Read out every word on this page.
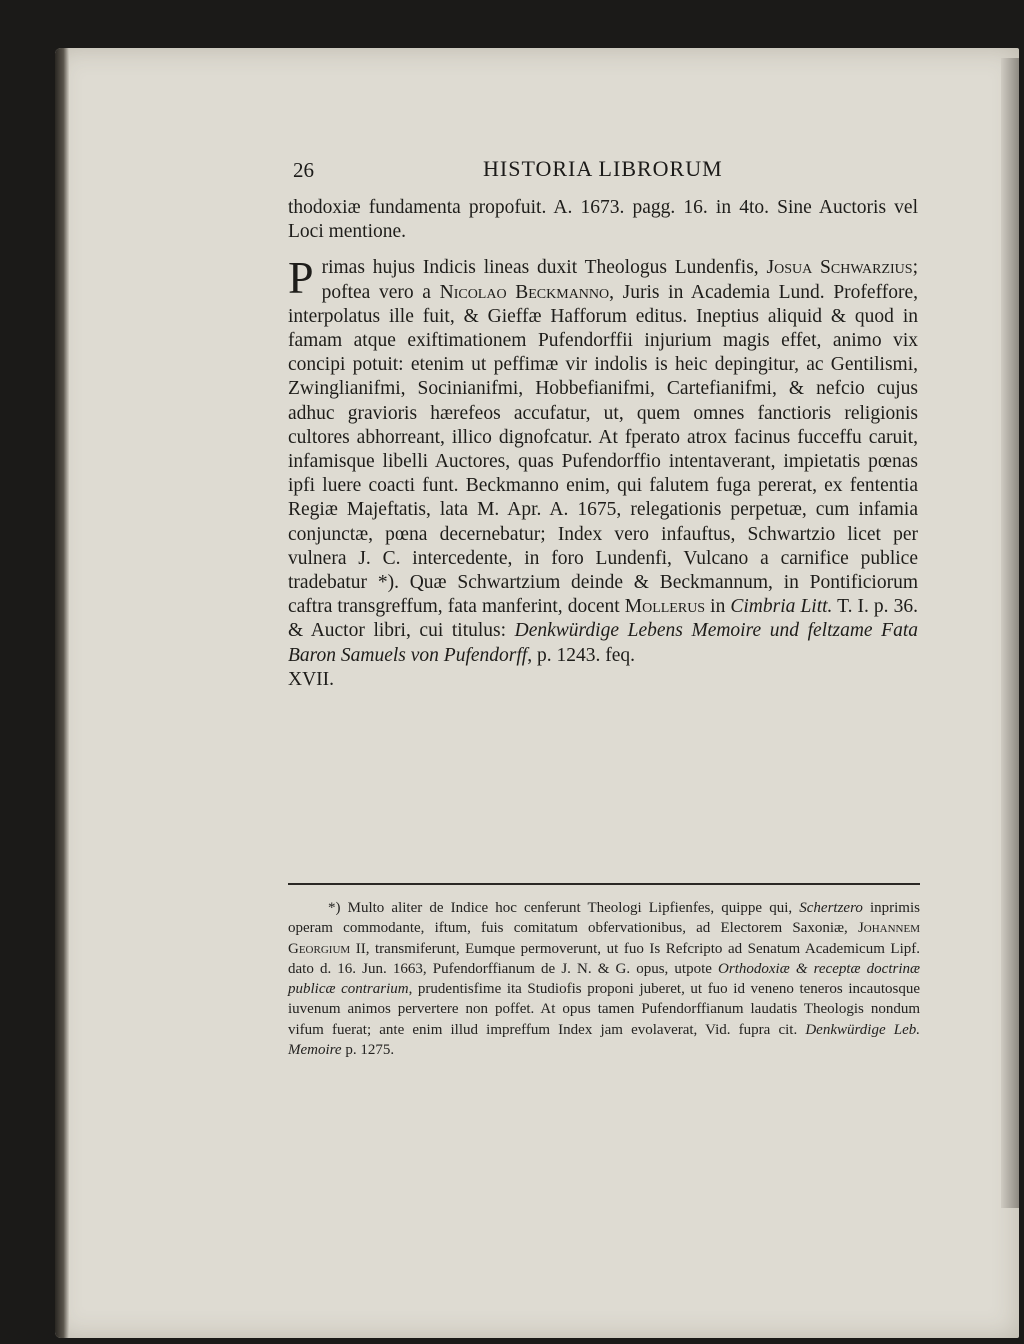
26	HISTORIA LIBRORUM

thodoxiæ fundamenta propofuit. A. 1673. pagg. 16. in 4to. Sine Auctoris vel Loci mentione.

P rimas hujus Indicis lineas duxit Theologus Lundenfis, Josua Schwarzius; poftea vero a Nicolao Beckmanno, Juris in Academia Lund. Profeffore, interpolatus ille fuit, & Gieffæ Hafforum editus. Ineptius aliquid & quod in famam atque exiftimationem Pufendorffii injurium magis effet, animo vix concipi potuit: etenim ut peffimæ vir indolis is heic depingitur, ac Gentilismi, Zwinglianifmi, Socinianifmi, Hobbefianifmi, Cartefianifmi, & nefcio cujus adhuc gravioris hærefeos accufatur, ut, quem omnes fanctioris religionis cultores abhorreant, illico dignofcatur. At fperato atrox facinus fucceffu caruit, infamisque libelli Auctores, quas Pufendorffio intentaverant, impietatis pœnas ipfi luere coacti funt. Beckmanno enim, qui falutem fuga pererat, ex fententia Regiæ Majeftatis, lata M. Apr. A. 1675, relegationis perpetuæ, cum infamia conjunctæ, pœna decernebatur; Index vero infauftus, Schwartzio licet per vulnera J. C. intercedente, in foro Lundenfi, Vulcano a carnifice publice tradebatur *). Quæ Schwartzium deinde & Beckmannum, in Pontificiorum caftra transgreffum, fata manferint, docent Mollerus in Cimbria Litt. T. I. p. 36. & Auctor libri, cui titulus: Denkwürdige Lebens Memoire und feltzame Fata Baron Samuels von Pufendorff, p. 1243. feq.

XVII.

*) Multo aliter de Indice hoc cenferunt Theologi Lipfienfes, quippe qui, Schertzero inprimis operam commodante, iftum, fuis comitatum obfervationibus, ad Electorem Saxoniæ, Johannem Georgium II, transmiferunt, Eumque permoverunt, ut fuo Is Refcripto ad Senatum Academicum Lipf. dato d. 16. Jun. 1663, Pufendorffianum de J. N. & G. opus, utpote Orthodoxiæ & receptæ doctrinæ publicæ contrarium, prudentisfime ita Studiofis proponi juberet, ut fuo id veneno teneros incautosque iuvenum animos pervertere non poffet. At opus tamen Pufendorffianum laudatis Theologis nondum vifum fuerat; ante enim illud impreffum Index jam evolaverat, Vid. fupra cit. Denkwürdige Leb. Memoire p. 1275.
